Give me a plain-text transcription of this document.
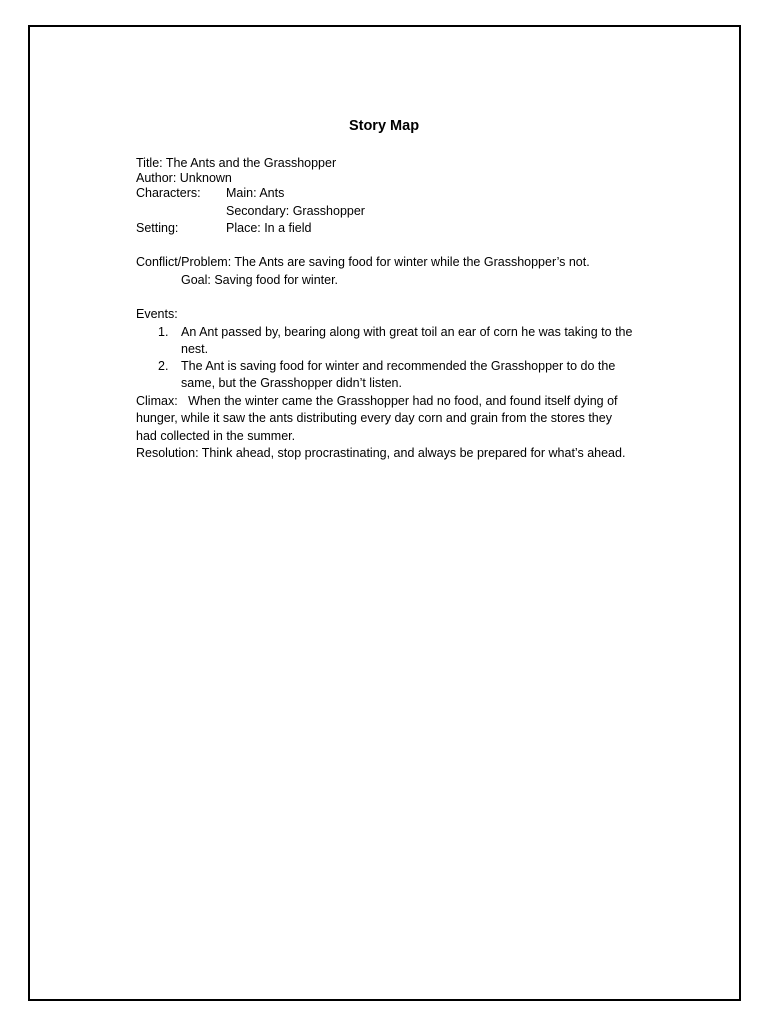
Story Map
Title: The Ants and the Grasshopper
Author: Unknown
Characters: Main: Ants
Secondary: Grasshopper
Setting:	Place: In a field
Conflict/Problem: The Ants are saving food for winter while the Grasshopper’s not.
Goal: Saving food for winter.
Events:
1. An Ant passed by, bearing along with great toil an ear of corn he was taking to the nest.
2. The Ant is saving food for winter and recommended the Grasshopper to do the same, but the Grasshopper didn’t listen.
Climax:   When the winter came the Grasshopper had no food, and found itself dying of hunger, while it saw the ants distributing every day corn and grain from the stores they had collected in the summer.
Resolution: Think ahead, stop procrastinating, and always be prepared for what’s ahead.
